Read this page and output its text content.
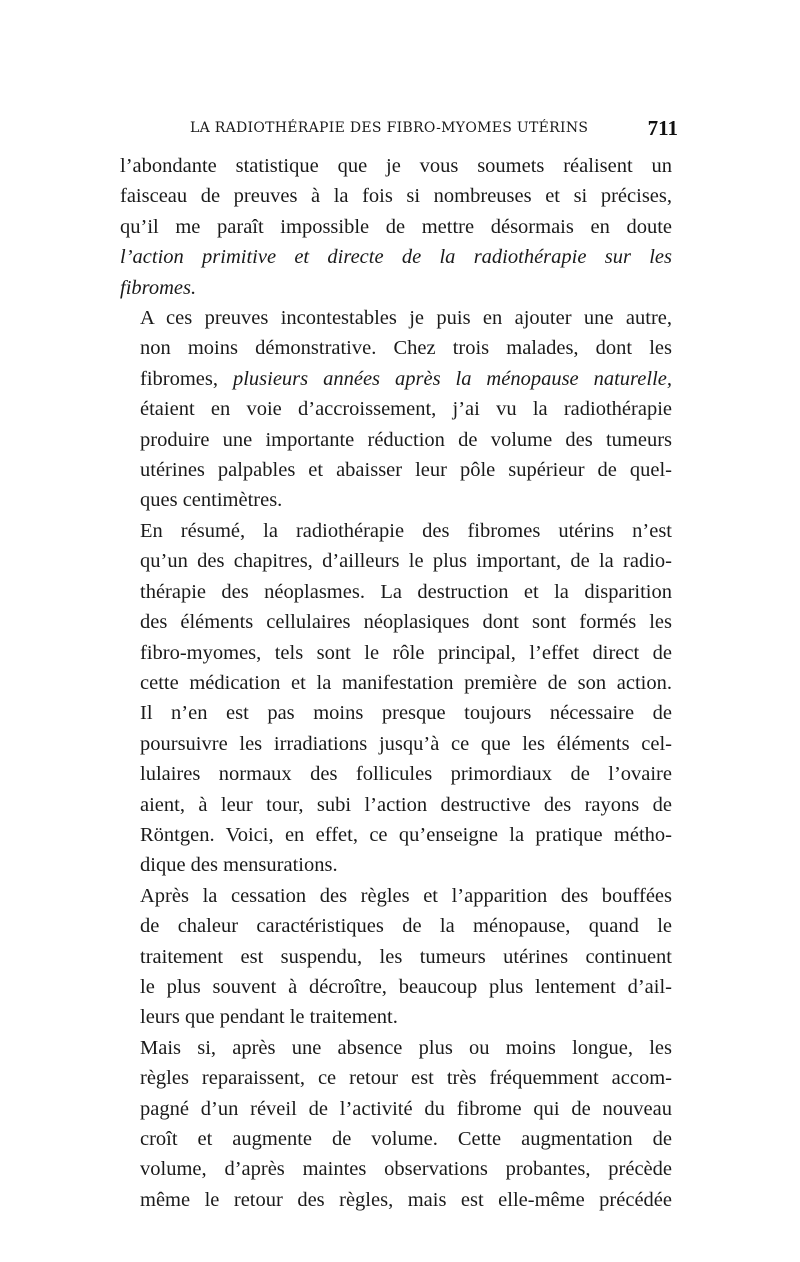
LA RADIOTHÉRAPIE DES FIBRO-MYOMES UTÉRINS	711

l’abondante statistique que je vous soumets réalisent un
faisceau de preuves à la fois si nombreuses et si précises,
qu’il me paraît impossible de mettre désormais en doute
l’action primitive et directe de la radiothérapie sur les
fibromes.

A ces preuves incontestables je puis en ajouter une autre,
non moins démonstrative. Chez trois malades, dont les
fibromes, plusieurs années après la ménopause naturelle,
étaient en voie d’accroissement, j’ai vu la radiothérapie
produire une importante réduction de volume des tumeurs
utérines palpables et abaisser leur pôle supérieur de quel-
ques centimètres.

En résumé, la radiothérapie des fibromes utérins n’est
qu’un des chapitres, d’ailleurs le plus important, de la radio-
thérapie des néoplasmes. La destruction et la disparition
des éléments cellulaires néoplasiques dont sont formés les
fibro-myomes, tels sont le rôle principal, l’effet direct de
cette médication et la manifestation première de son action.

Il n’en est pas moins presque toujours nécessaire de
poursuivre les irradiations jusqu’à ce que les éléments cel-
lulaires normaux des follicules primordiaux de l’ovaire
aient, à leur tour, subi l’action destructive des rayons de
Röntgen. Voici, en effet, ce qu’enseigne la pratique métho-
dique des mensurations.

Après la cessation des règles et l’apparition des bouffées
de chaleur caractéristiques de la ménopause, quand le
traitement est suspendu, les tumeurs utérines continuent
le plus souvent à décroître, beaucoup plus lentement d’ail-
leurs que pendant le traitement.

Mais si, après une absence plus ou moins longue, les
règles reparaissent, ce retour est très fréquemment accom-
pagné d’un réveil de l’activité du fibrome qui de nouveau
croît et augmente de volume. Cette augmentation de
volume, d’après maintes observations probantes, précède
même le retour des règles, mais est elle-même précédée
